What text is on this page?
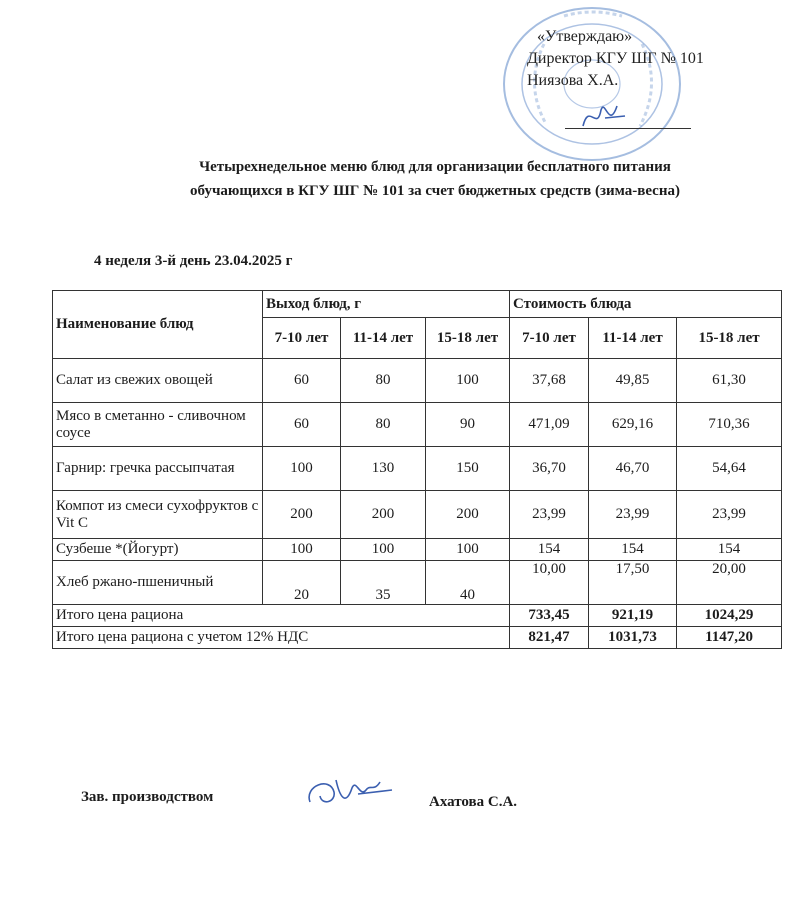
«Утверждаю»
Директор КГУ ШГ № 101
Ниязова Х.А.
Четырехнедельное меню блюд для организации бесплатного питания
обучающихся в КГУ ШГ № 101 за счет бюджетных средств (зима-весна)
4 неделя 3-й день 23.04.2025 г
Наименование блюд	Выход блюд, г			Стоимость блюда		
	7-10 лет	11-14 лет	15-18 лет	7-10 лет	11-14 лет	15-18 лет
Салат из свежих овощей	60	80	100	37,68	49,85	61,30
Мясо в сметанно - сливочном соусе	60	80	90	471,09	629,16	710,36
Гарнир: гречка рассыпчатая	100	130	150	36,70	46,70	54,64
Компот из смеси сухофруктов с Vit C	200	200	200	23,99	23,99	23,99
Сузбеше *(Йогурт)	100	100	100	154	154	154
Хлеб ржано-пшеничный	20	35	40	10,00	17,50	20,00
Итого цена рациона				733,45	921,19	1024,29
Итого цена рациона с учетом 12% НДС				821,47	1031,73	1147,20
Зав. производством	Ахатова С.А.
